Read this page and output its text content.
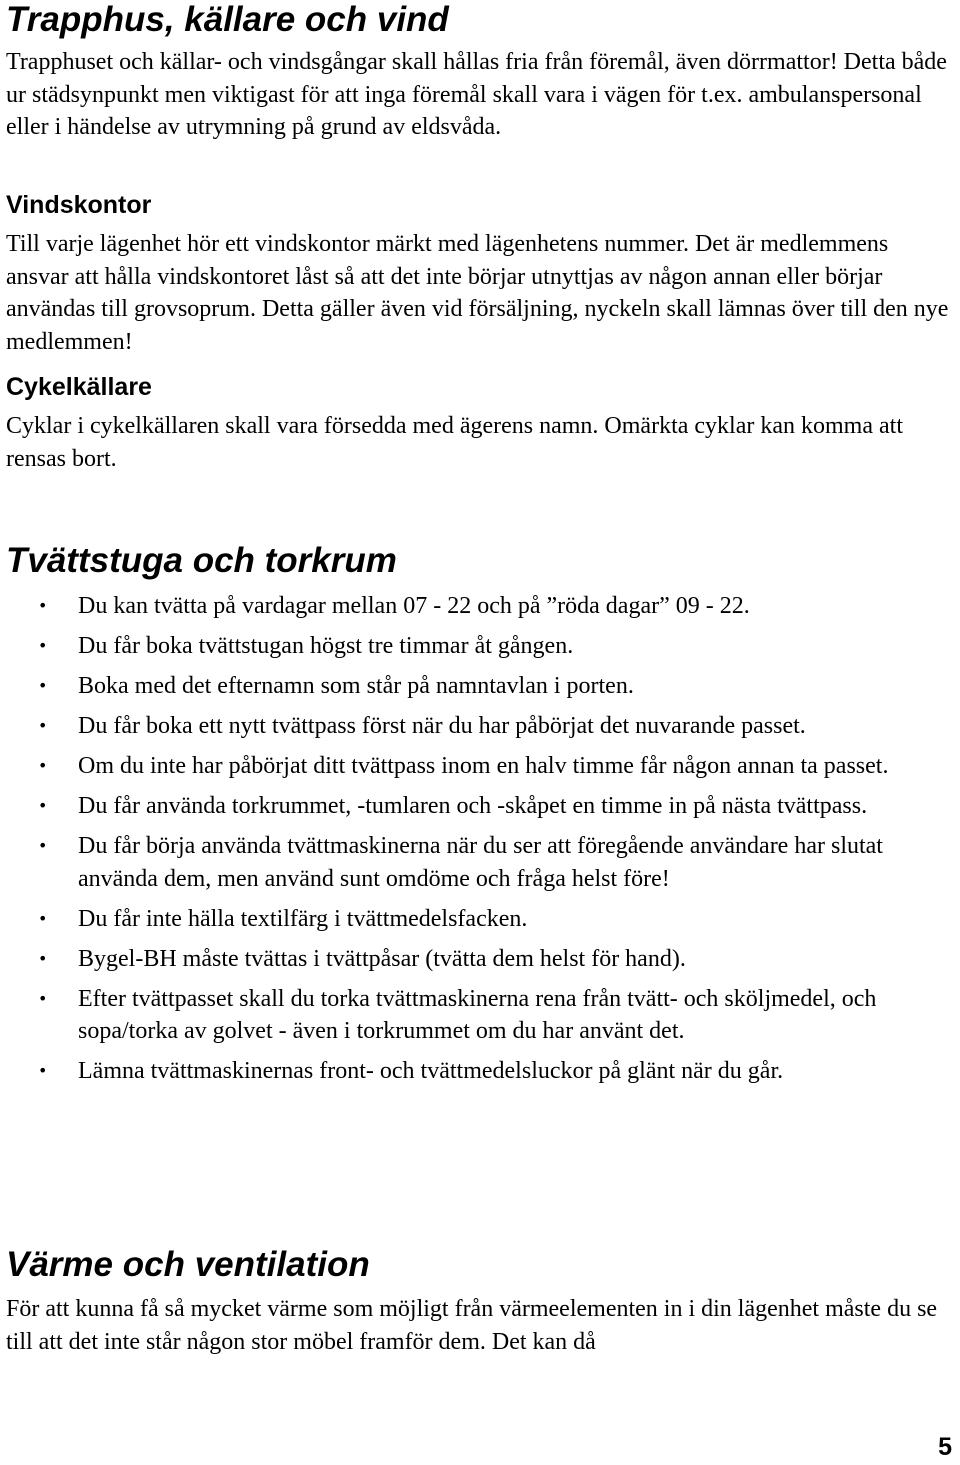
Trapphus, källare och vind

Trapphuset och källar- och vindsgångar skall hållas fria från föremål, även dörrmattor! Detta både ur städsynpunkt men viktigast för att inga föremål skall vara i vägen för t.ex. ambulanspersonal eller i händelse av utrymning på grund av eldsvåda.

Vindskontor

Till varje lägenhet hör ett vindskontor märkt med lägenhetens nummer. Det är medlemmens ansvar att hålla vindskontoret låst så att det inte börjar utnyttjas av någon annan eller börjar användas till grovsoprum. Detta gäller även vid försäljning, nyckeln skall lämnas över till den nye medlemmen!

Cykelkällare

Cyklar i cykelkällaren skall vara försedda med ägerens namn. Omärkta cyklar kan komma att rensas bort.

Tvättstuga och torkrum
• Du kan tvätta på vardagar mellan 07 - 22 och på ”röda dagar” 09 - 22.
• Du får boka tvättstugan högst tre timmar åt gången.
• Boka med det efternamn som står på namntavlan i porten.
• Du får boka ett nytt tvättpass först när du har påbörjat det nuvarande passet.
• Om du inte har påbörjat ditt tvättpass inom en halv timme får någon annan ta passet.
• Du får använda torkrummet, -tumlaren och -skåpet en timme in på nästa tvättpass.
• Du får börja använda tvättmaskinerna när du ser att föregående användare har slutat använda dem, men använd sunt omdöme och fråga helst före!
• Du får inte hälla textilfärg i tvättmedelsfacken.
• Bygel-BH måste tvättas i tvättpåsar (tvätta dem helst för hand).
• Efter tvättpasset skall du torka tvättmaskinerna rena från tvätt- och sköljmedel, och sopa/torka av golvet - även i torkrummet om du har använt det.
• Lämna tvättmaskinernas front- och tvättmedelsluckor på glänt när du går.
Värme och ventilation

För att kunna få så mycket värme som möjligt från värmeelementen in i din lägenhet måste du se till att det inte står någon stor möbel framför dem. Det kan då

5
